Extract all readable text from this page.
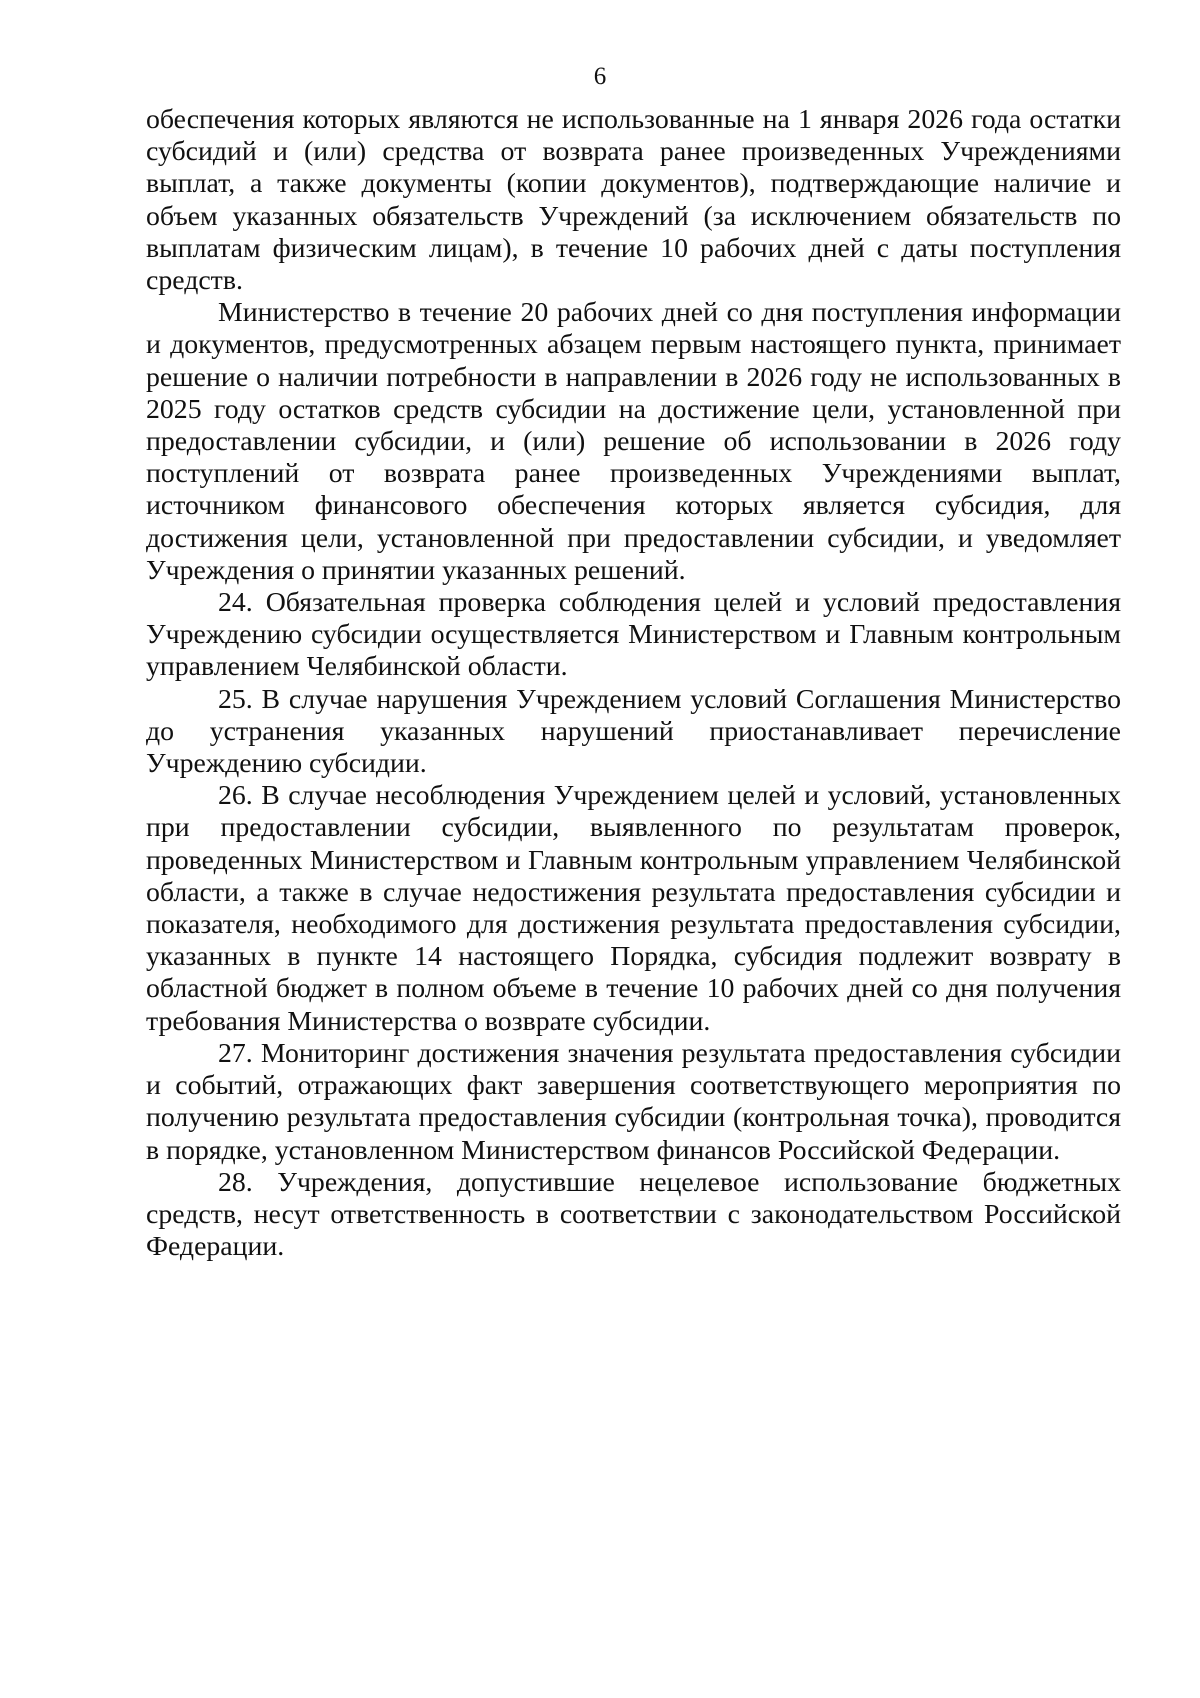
6

обеспечения которых являются не использованные на 1 января 2026 года остатки субсидий и (или) средства от возврата ранее произведенных Учреждениями выплат, а также документы (копии документов), подтверждающие наличие и объем указанных обязательств Учреждений (за исключением обязательств по выплатам физическим лицам), в течение 10 рабочих дней с даты поступления средств.

Министерство в течение 20 рабочих дней со дня поступления информации и документов, предусмотренных абзацем первым настоящего пункта, принимает решение о наличии потребности в направлении в 2026 году не использованных в 2025 году остатков средств субсидии на достижение цели, установленной при предоставлении субсидии, и (или) решение об использовании в 2026 году поступлений от возврата ранее произведенных Учреждениями выплат, источником финансового обеспечения которых является субсидия, для достижения цели, установленной при предоставлении субсидии, и уведомляет Учреждения о принятии указанных решений.

24. Обязательная проверка соблюдения целей и условий предоставления Учреждению субсидии осуществляется Министерством и Главным контрольным управлением Челябинской области.

25. В случае нарушения Учреждением условий Соглашения Министерство до устранения указанных нарушений приостанавливает перечисление Учреждению субсидии.

26. В случае несоблюдения Учреждением целей и условий, установленных при предоставлении субсидии, выявленного по результатам проверок, проведенных Министерством и Главным контрольным управлением Челябинской области, а также в случае недостижения результата предоставления субсидии и показателя, необходимого для достижения результата предоставления субсидии, указанных в пункте 14 настоящего Порядка, субсидия подлежит возврату в областной бюджет в полном объеме в течение 10 рабочих дней со дня получения требования Министерства о возврате субсидии.

27. Мониторинг достижения значения результата предоставления субсидии и событий, отражающих факт завершения соответствующего мероприятия по получению результата предоставления субсидии (контрольная точка), проводится в порядке, установленном Министерством финансов Российской Федерации.

28. Учреждения, допустившие нецелевое использование бюджетных средств, несут ответственность в соответствии с законодательством Российской Федерации.
